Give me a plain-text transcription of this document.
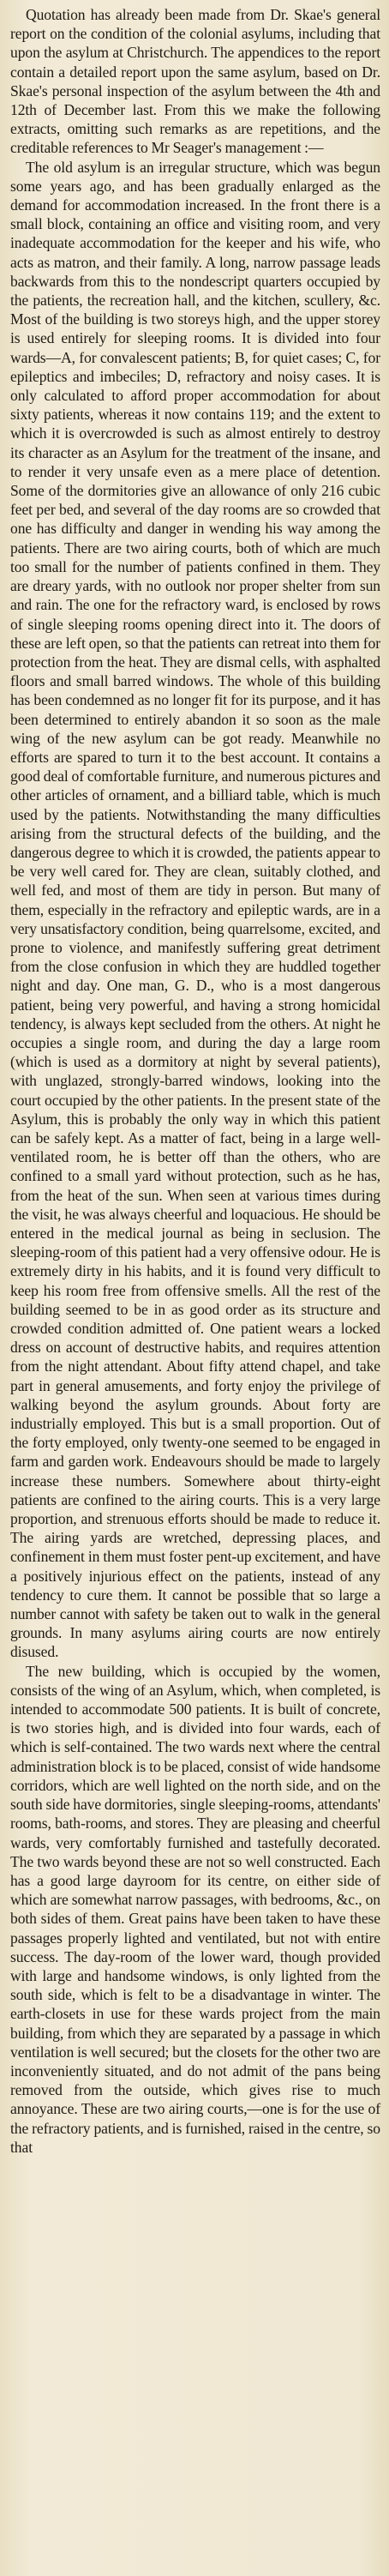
Quotation has already been made from Dr. Skae's general report on the condition of the colonial asylums, including that upon the asylum at Christchurch. The appendices to the report contain a detailed report upon the same asylum, based on Dr. Skae's personal inspection of the asylum between the 4th and 12th of December last. From this we make the following extracts, omitting such remarks as are repetitions, and the creditable references to Mr Seager's management :—

The old asylum is an irregular structure, which was begun some years ago, and has been gradually enlarged as the demand for accommodation increased. In the front there is a small block, containing an office and visiting room, and very inadequate accommodation for the keeper and his wife, who acts as matron, and their family. A long, narrow passage leads backwards from this to the nondescript quarters occupied by the patients, the recreation hall, and the kitchen, scullery, &c. Most of the building is two storeys high, and the upper storey is used entirely for sleeping rooms. It is divided into four wards—A, for convalescent patients; B, for quiet cases; C, for epileptics and imbeciles; D, refractory and noisy cases. It is only calculated to afford proper accommodation for about sixty patients, whereas it now contains 119; and the extent to which it is overcrowded is such as almost entirely to destroy its character as an Asylum for the treatment of the insane, and to render it very unsafe even as a mere place of detention. Some of the dormitories give an allowance of only 216 cubic feet per bed, and several of the day rooms are so crowded that one has difficulty and danger in wending his way among the patients. There are two airing courts, both of which are much too small for the number of patients confined in them. They are dreary yards, with no outlook nor proper shelter from sun and rain. The one for the refractory ward, is enclosed by rows of single sleeping rooms opening direct into it. The doors of these are left open, so that the patients can retreat into them for protection from the heat. They are dismal cells, with asphalted floors and small barred windows. The whole of this building has been condemned as no longer fit for its purpose, and it has been determined to entirely abandon it so soon as the male wing of the new asylum can be got ready. Meanwhile no efforts are spared to turn it to the best account. It contains a good deal of comfortable furniture, and numerous pictures and other articles of ornament, and a billiard table, which is much used by the patients. Notwithstanding the many difficulties arising from the structural defects of the building, and the dangerous degree to which it is crowded, the patients appear to be very well cared for. They are clean, suitably clothed, and well fed, and most of them are tidy in person. But many of them, especially in the refractory and epileptic wards, are in a very unsatisfactory condition, being quarrelsome, excited, and prone to violence, and manifestly suffering great detriment from the close confusion in which they are huddled together night and day. One man, G. D., who is a most dangerous patient, being very powerful, and having a strong homicidal tendency, is always kept secluded from the others. At night he occupies a single room, and during the day a large room (which is used as a dormitory at night by several patients), with unglazed, strongly-barred windows, looking into the court occupied by the other patients. In the present state of the Asylum, this is probably the only way in which this patient can be safely kept. As a matter of fact, being in a large well-ventilated room, he is better off than the others, who are confined to a small yard without protection, such as he has, from the heat of the sun. When seen at various times during the visit, he was always cheerful and loquacious. He should be entered in the medical journal as being in seclusion. The sleeping-room of this patient had a very offensive odour. He is extremely dirty in his habits, and it is found very difficult to keep his room free from offensive smells. All the rest of the building seemed to be in as good order as its structure and crowded condition admitted of. One patient wears a locked dress on account of destructive habits, and requires attention from the night attendant. About fifty attend chapel, and take part in general amusements, and forty enjoy the privilege of walking beyond the asylum grounds. About forty are industrially employed. This but is a small proportion. Out of the forty employed, only twenty-one seemed to be engaged in farm and garden work. Endeavours should be made to largely increase these numbers. Somewhere about thirty-eight patients are confined to the airing courts. This is a very large proportion, and strenuous efforts should be made to reduce it. The airing yards are wretched, depressing places, and confinement in them must foster pent-up excitement, and have a positively injurious effect on the patients, instead of any tendency to cure them. It cannot be possible that so large a number cannot with safety be taken out to walk in the general grounds. In many asylums airing courts are now entirely disused.

The new building, which is occupied by the women, consists of the wing of an Asylum, which, when completed, is intended to accommodate 500 patients. It is built of concrete, is two stories high, and is divided into four wards, each of which is self-contained. The two wards next where the central administration block is to be placed, consist of wide handsome corridors, which are well lighted on the north side, and on the south side have dormitories, single sleeping-rooms, attendants' rooms, bath-rooms, and stores. They are pleasing and cheerful wards, very comfortably furnished and tastefully decorated. The two wards beyond these are not so well constructed. Each has a good large dayroom for its centre, on either side of which are somewhat narrow passages, with bedrooms, &c., on both sides of them. Great pains have been taken to have these passages properly lighted and ventilated, but not with entire success. The day-room of the lower ward, though provided with large and handsome windows, is only lighted from the south side, which is felt to be a disadvantage in winter. The earth-closets in use for these wards project from the main building, from which they are separated by a passage in which ventilation is well secured; but the closets for the other two are inconveniently situated, and do not admit of the pans being removed from the outside, which gives rise to much annoyance. These are two airing courts,—one is for the use of the refractory patients, and is furnished, raised in the centre, so that
